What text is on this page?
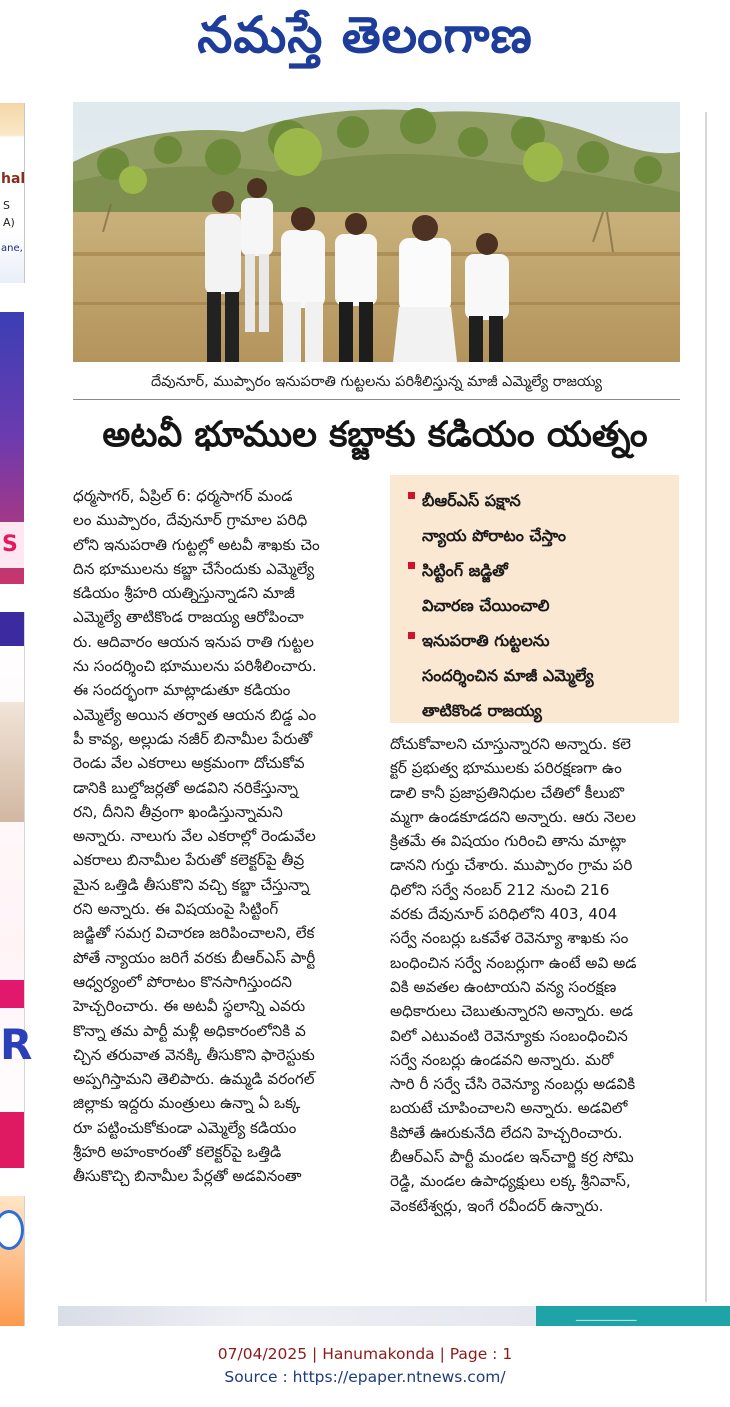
నమస్తే తెలంగాణ
hal
S
A)
ane,
S
R
దేవునూర్‌, ముప్పారం ఇనుపరాతి గుట్టలను పరిశీలిస్తున్న మాజీ ఎమ్మెల్యే రాజయ్య
అటవీ భూముల కబ్జాకు కడియం యత్నం
ధర్మసాగర్‌, ఏప్రిల్‌ 6: ధర్మసాగర్‌ మండ
లం ముప్పారం, దేవునూర్‌ గ్రామాల పరిధి
లోని ఇనుపరాతి గుట్టల్లో అటవీ శాఖకు చెం
దిన భూములను కబ్జా చేసేందుకు ఎమ్మెల్యే
కడియం శ్రీహరి యత్నిస్తున్నాడని మాజీ
ఎమ్మెల్యే తాటికొండ రాజయ్య ఆరోపించా
రు. ఆదివారం ఆయన ఇనుప రాతి గుట్టల
ను సందర్శించి భూములను పరిశీలించారు.
ఈ సందర్భంగా మాట్లాడుతూ కడియం
ఎమ్మెల్యే అయిన తర్వాత ఆయన బిడ్డ ఎం
పీ కావ్య, అల్లుడు నజీర్‌ బినామీల పేరుతో
రెండు వేల ఎకరాలు అక్రమంగా దోచుకోవ
డానికి బుల్డోజర్లతో అడవిని నరికేస్తున్నా
రని, దీనిని తీవ్రంగా ఖండిస్తున్నామని
అన్నారు. నాలుగు వేల ఎకరాల్లో రెండువేల
ఎకరాలు బినామీల పేరుతో కలెక్టర్‌పై తీవ్ర
మైన ఒత్తిడి తీసుకొని వచ్చి కబ్జా చేస్తున్నా
రని అన్నారు. ఈ విషయంపై సిట్టింగ్‌
జడ్జితో సమగ్ర విచారణ జరిపించాలని, లేక
పోతే న్యాయం జరిగే వరకు బీఆర్‌ఎస్‌ పార్టీ
ఆధ్వర్యంలో పోరాటం కొనసాగిస్తుందని
హెచ్చరించారు. ఈ అటవీ స్థలాన్ని ఎవరు
కొన్నా తమ పార్టీ మళ్లీ అధికారంలోనికి వ
చ్చిన తరువాత వెనక్కి తీసుకొని ఫారెస్టుకు
అప్పగిస్తామని తెలిపారు. ఉమ్మడి వరంగల్‌
జిల్లాకు ఇద్దరు మంత్రులు ఉన్నా ఏ ఒక్క
రూ పట్టించుకోకుండా ఎమ్మెల్యే కడియం
శ్రీహరి అహంకారంతో కలెక్టర్‌పై ఒత్తిడి
తీసుకొచ్చి బినామీల పేర్లతో అడవినంతా
బీఆర్‌ఎస్‌ పక్షాన
న్యాయ పోరాటం చేస్తాం
సిట్టింగ్‌ జడ్జితో
విచారణ చేయించాలి
ఇనుపరాతి గుట్టలను
సందర్శించిన మాజీ ఎమ్మెల్యే
తాటికొండ రాజయ్య
దోచుకోవాలని చూస్తున్నారని అన్నారు. కలె
క్టర్‌ ప్రభుత్వ భూములకు పరిరక్షణగా ఉం
డాలి కానీ ప్రజాప్రతినిధుల చేతిలో కీలుబొ
మ్మగా ఉండకూడదని అన్నారు. ఆరు నెలల
క్రితమే ఈ విషయం గురించి తాను మాట్లా
డానని గుర్తు చేశారు. ముప్పారం గ్రామ పరి
ధిలోని సర్వే నంబర్‌ 212 నుంచి 216
వరకు దేవునూర్‌ పరిధిలోని 403, 404
సర్వే నంబర్లు ఒకవేళ రెవెన్యూ శాఖకు సం
బంధించిన సర్వే నంబర్లుగా ఉంటే అవి అడ
వికి అవతల ఉంటాయని వన్య సంరక్షణ
అధికారులు చెబుతున్నారని అన్నారు. అడ
విలో ఎటువంటి రెవెన్యూకు సంబంధించిన
సర్వే నంబర్లు ఉండవని అన్నారు. మరో
సారి రీ సర్వే చేసి రెవెన్యూ నంబర్లు అడవికి
బయటే చూపించాలని అన్నారు. అడవిలో
కిపోతే ఊరుకునేది లేదని హెచ్చరించారు.
బీఆర్‌ఎస్‌ పార్టీ మండల ఇన్‌చార్జి కర్ర సోమి
రెడ్డి, మండల ఉపాధ్యక్షులు లక్క శ్రీనివాస్‌,
వెంకటేశ్వర్లు, ఇంగే రవీందర్‌ ఉన్నారు.
___________
07/04/2025 | Hanumakonda | Page : 1
Source : https://epaper.ntnews.com/
